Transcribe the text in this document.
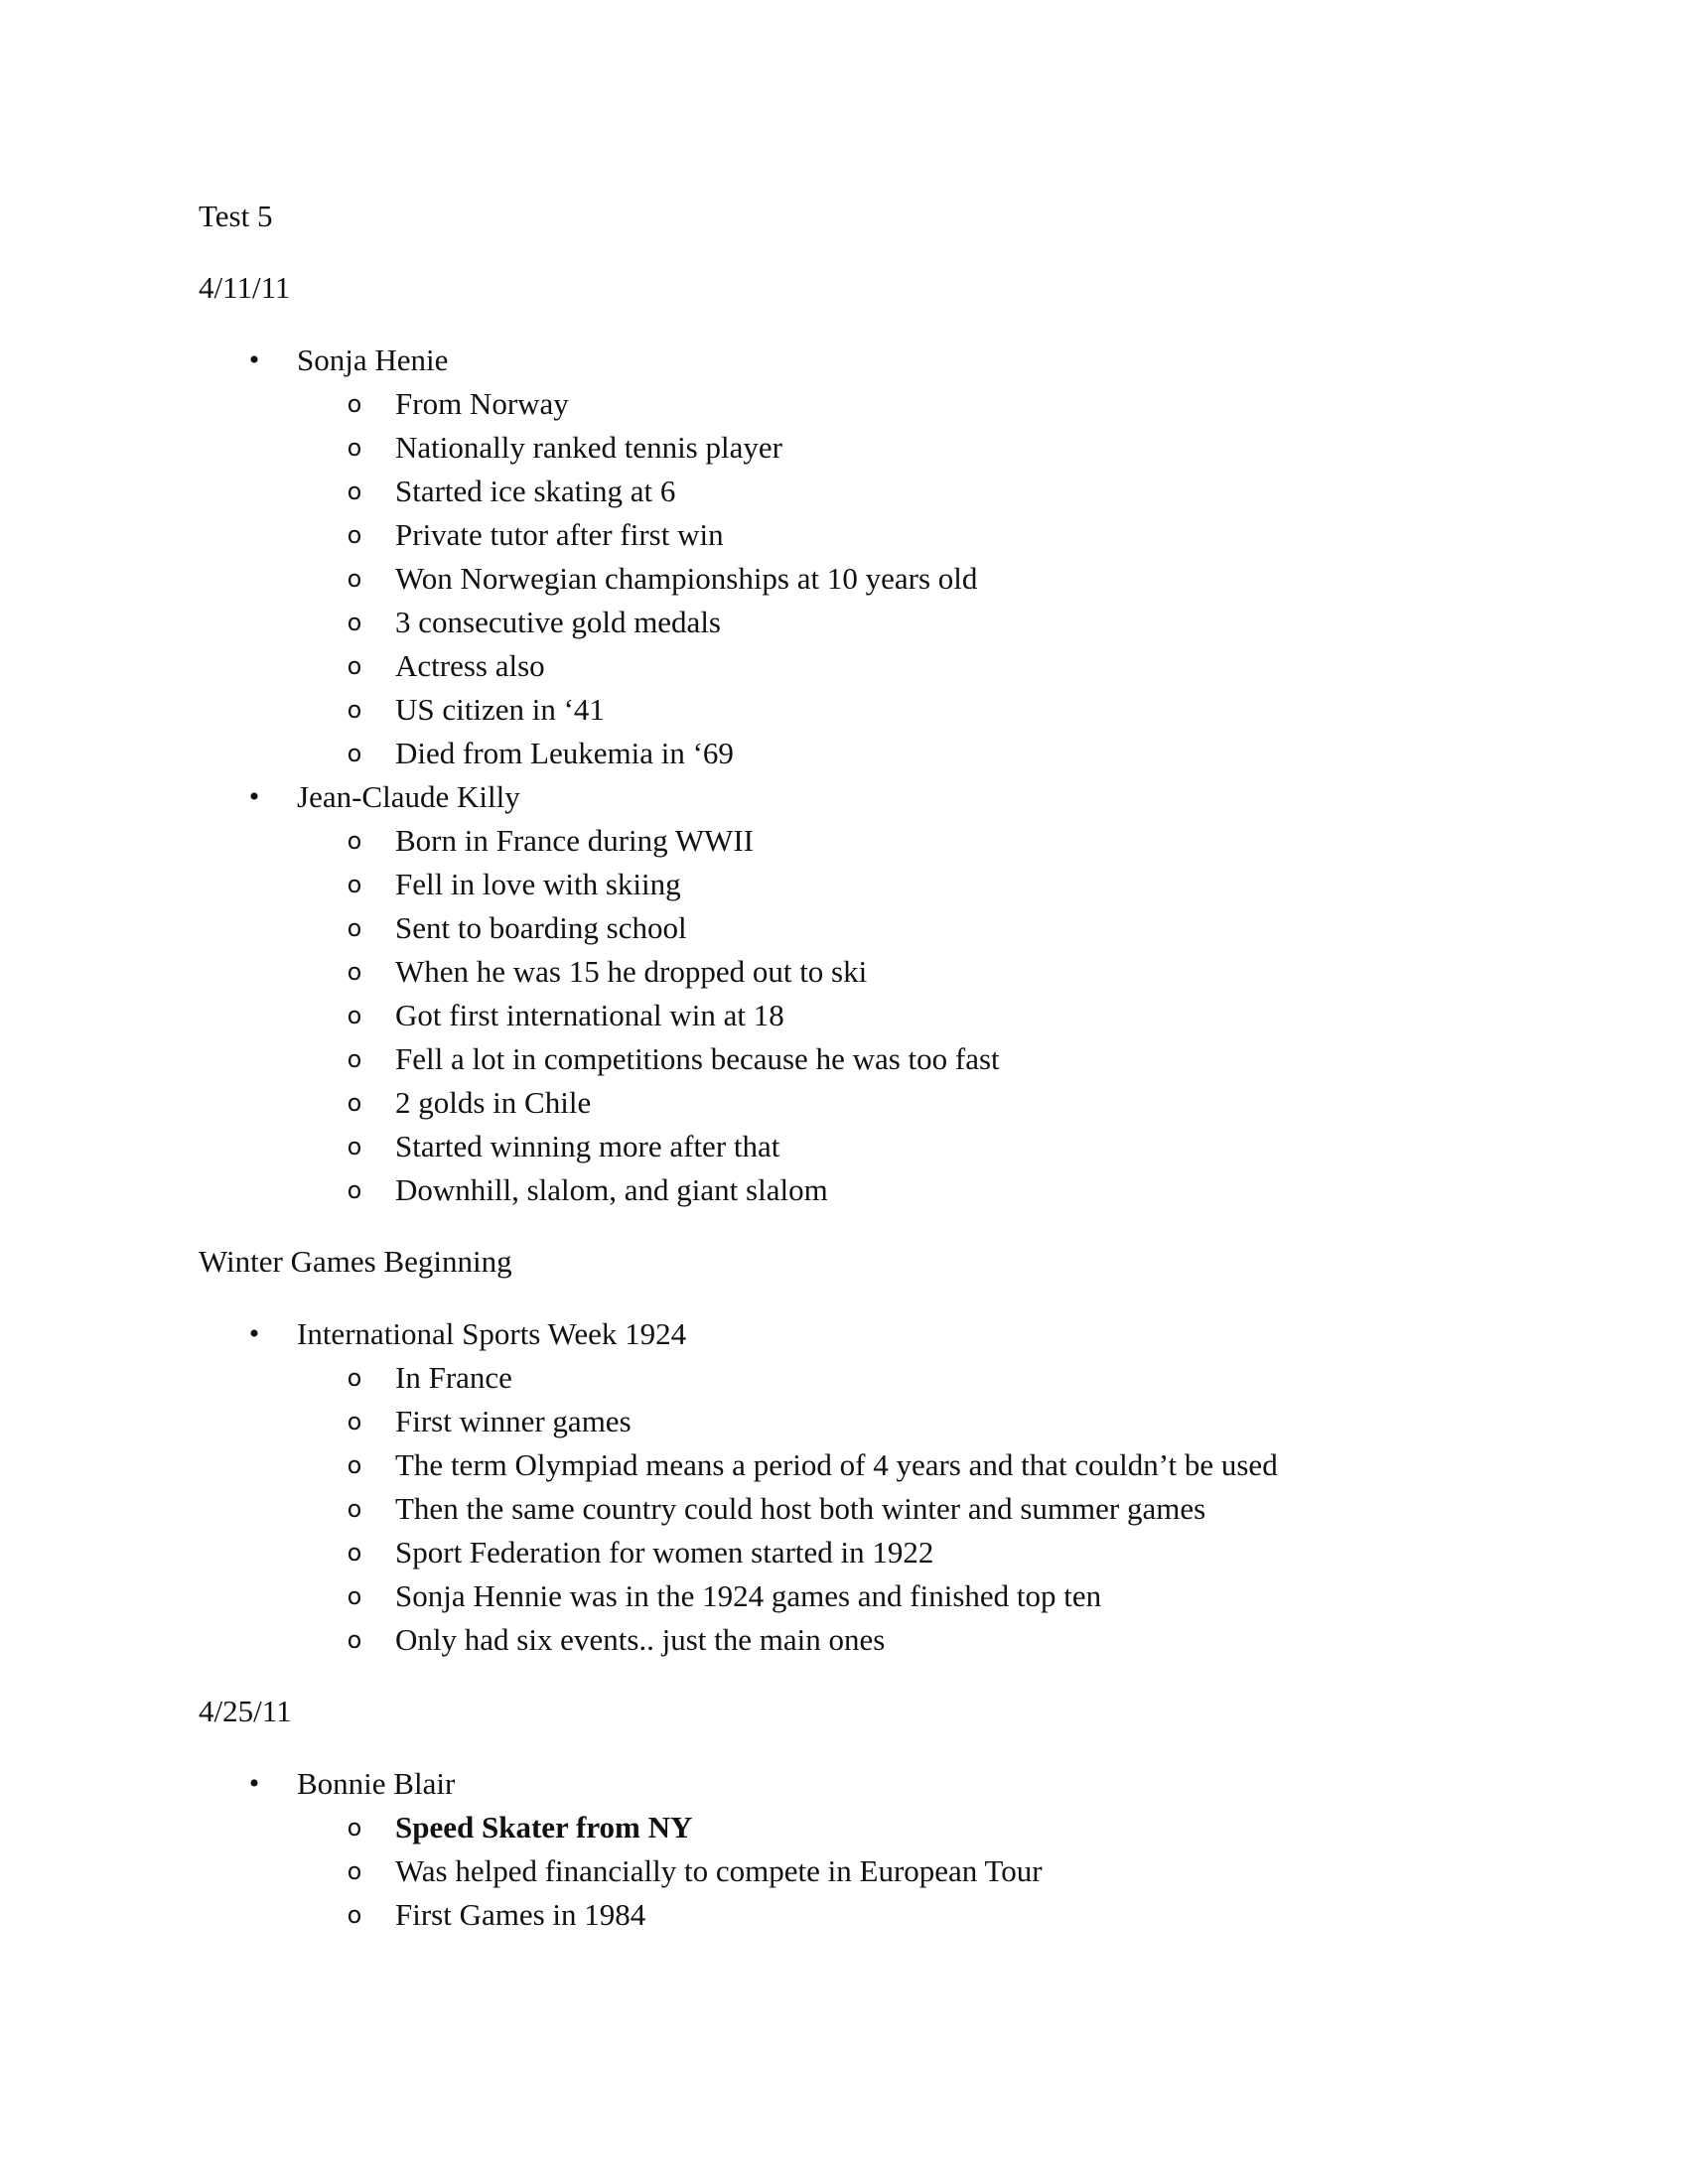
Test 5
4/11/11
• Sonja Henie
o From Norway
o Nationally ranked tennis player
o Started ice skating at 6
o Private tutor after first win
o Won Norwegian championships at 10 years old
o 3 consecutive gold medals
o Actress also
o US citizen in ‘41
o Died from Leukemia in ‘69
• Jean-Claude Killy
o Born in France during WWII
o Fell in love with skiing
o Sent to boarding school
o When he was 15 he dropped out to ski
o Got first international win at 18
o Fell a lot in competitions because he was too fast
o 2 golds in Chile
o Started winning more after that
o Downhill, slalom, and giant slalom
Winter Games Beginning
• International Sports Week 1924
o In France
o First winner games
o The term Olympiad means a period of 4 years and that couldn’t be used
o Then the same country could host both winter and summer games
o Sport Federation for women started in 1922
o Sonja Hennie was in the 1924 games and finished top ten
o Only had six events.. just the main ones
4/25/11
• Bonnie Blair
o Speed Skater from NY
o Was helped financially to compete in European Tour
o First Games in 1984
